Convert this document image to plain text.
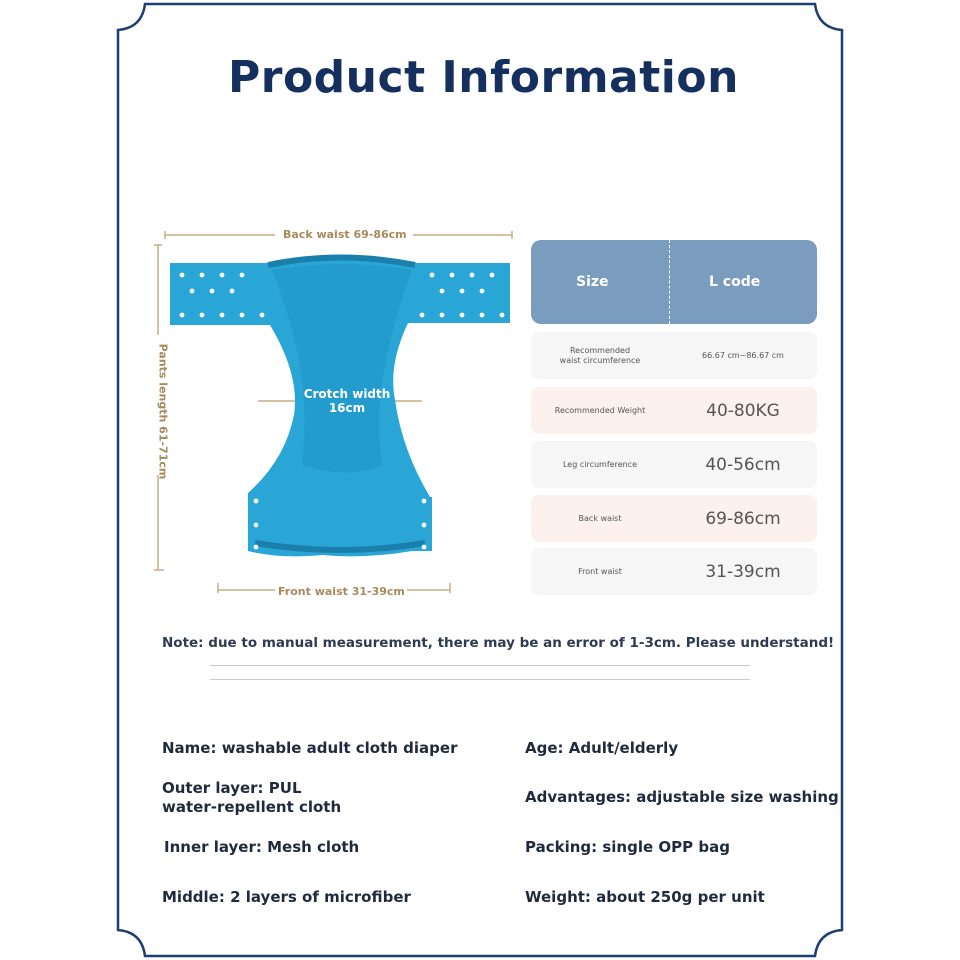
Product Information
Back waist 69-86cm
Front waist 31-39cm
Pants length 61-71cm	Crotch width
16cm
Size	L code
Recommended waist circumference	66.67 cm~86.67 cm
Recommended Weight	40-80KG
Leg circumference	40-56cm
Back waist	69-86cm
Front waist	31-39cm
Note: due to manual measurement, there may be an error of 1-3cm. Please understand!
Name: washable adult cloth diaper
Outer layer: PUL
water-repellent cloth
Inner layer: Mesh cloth
Middle: 2 layers of microfiber
Age: Adult/elderly
Advantages: adjustable size washing
Packing: single OPP bag
Weight: about 250g per unit
